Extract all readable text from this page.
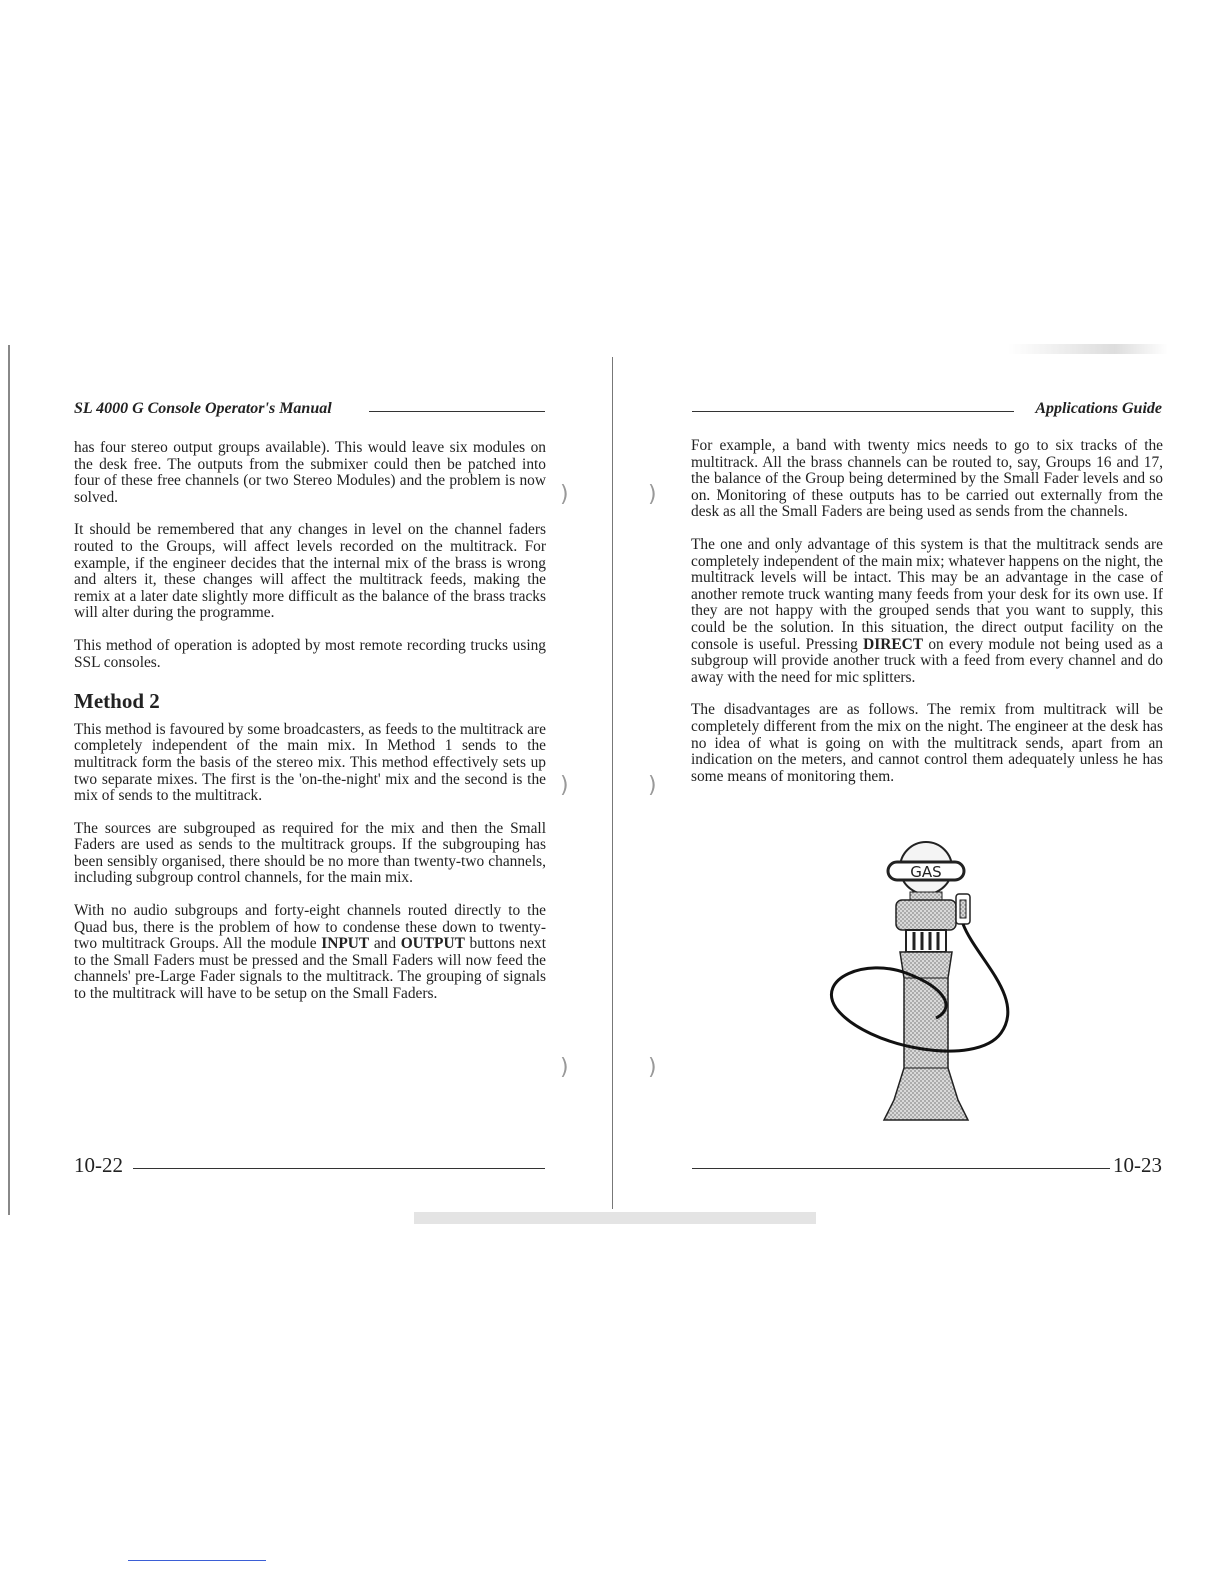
)
)
)
)
)
)
SL 4000 G Console Operator's Manual

has four stereo output groups available). This would leave six modules on the desk free. The outputs from the submixer could then be patched into four of these free channels (or two Stereo Modules) and the problem is now solved.

It should be remembered that any changes in level on the channel faders routed to the Groups, will affect levels recorded on the multitrack. For example, if the engineer decides that the internal mix of the brass is wrong and alters it, these changes will affect the multitrack feeds, making the remix at a later date slightly more difficult as the balance of the brass tracks will alter during the programme.

This method of operation is adopted by most remote recording trucks using SSL consoles.

Method 2

This method is favoured by some broadcasters, as feeds to the multitrack are completely independent of the main mix. In Method 1 sends to the multitrack form the basis of the stereo mix. This method effectively sets up two separate mixes. The first is the 'on-the-night' mix and the second is the mix of sends to the multitrack.

The sources are subgrouped as required for the mix and then the Small Faders are used as sends to the multitrack groups. If the subgrouping has been sensibly organised, there should be no more than twenty-two channels, including subgroup control channels, for the main mix.

With no audio subgroups and forty-eight channels routed directly to the Quad bus, there is the problem of how to condense these down to twenty-two multitrack Groups. All the module INPUT and OUTPUT buttons next to the Small Faders must be pressed and the Small Faders will now feed the channels' pre-Large Fader signals to the multitrack. The grouping of signals to the multitrack will have to be setup on the Small Faders.

10-22
Applications Guide

For example, a band with twenty mics needs to go to six tracks of the multitrack. All the brass channels can be routed to, say, Groups 16 and 17, the balance of the Group being determined by the Small Fader levels and so on. Monitoring of these outputs has to be carried out externally from the desk as all the Small Faders are being used as sends from the channels.

The one and only advantage of this system is that the multitrack sends are completely independent of the main mix; whatever happens on the night, the multitrack levels will be intact. This may be an advantage in the case of another remote truck wanting many feeds from your desk for its own use. If they are not happy with the grouped sends that you want to supply, this could be the solution. In this situation, the direct output facility on the console is useful. Pressing DIRECT on every module not being used as a subgroup will provide another truck with a feed from every channel and do away with the need for mic splitters.

The disadvantages are as follows. The remix from multitrack will be completely different from the mix on the night. The engineer at the desk has no idea of what is going on with the multitrack sends, apart from an indication on the meters, and cannot control them adequately unless he has some means of monitoring them.

GAS
10-23
